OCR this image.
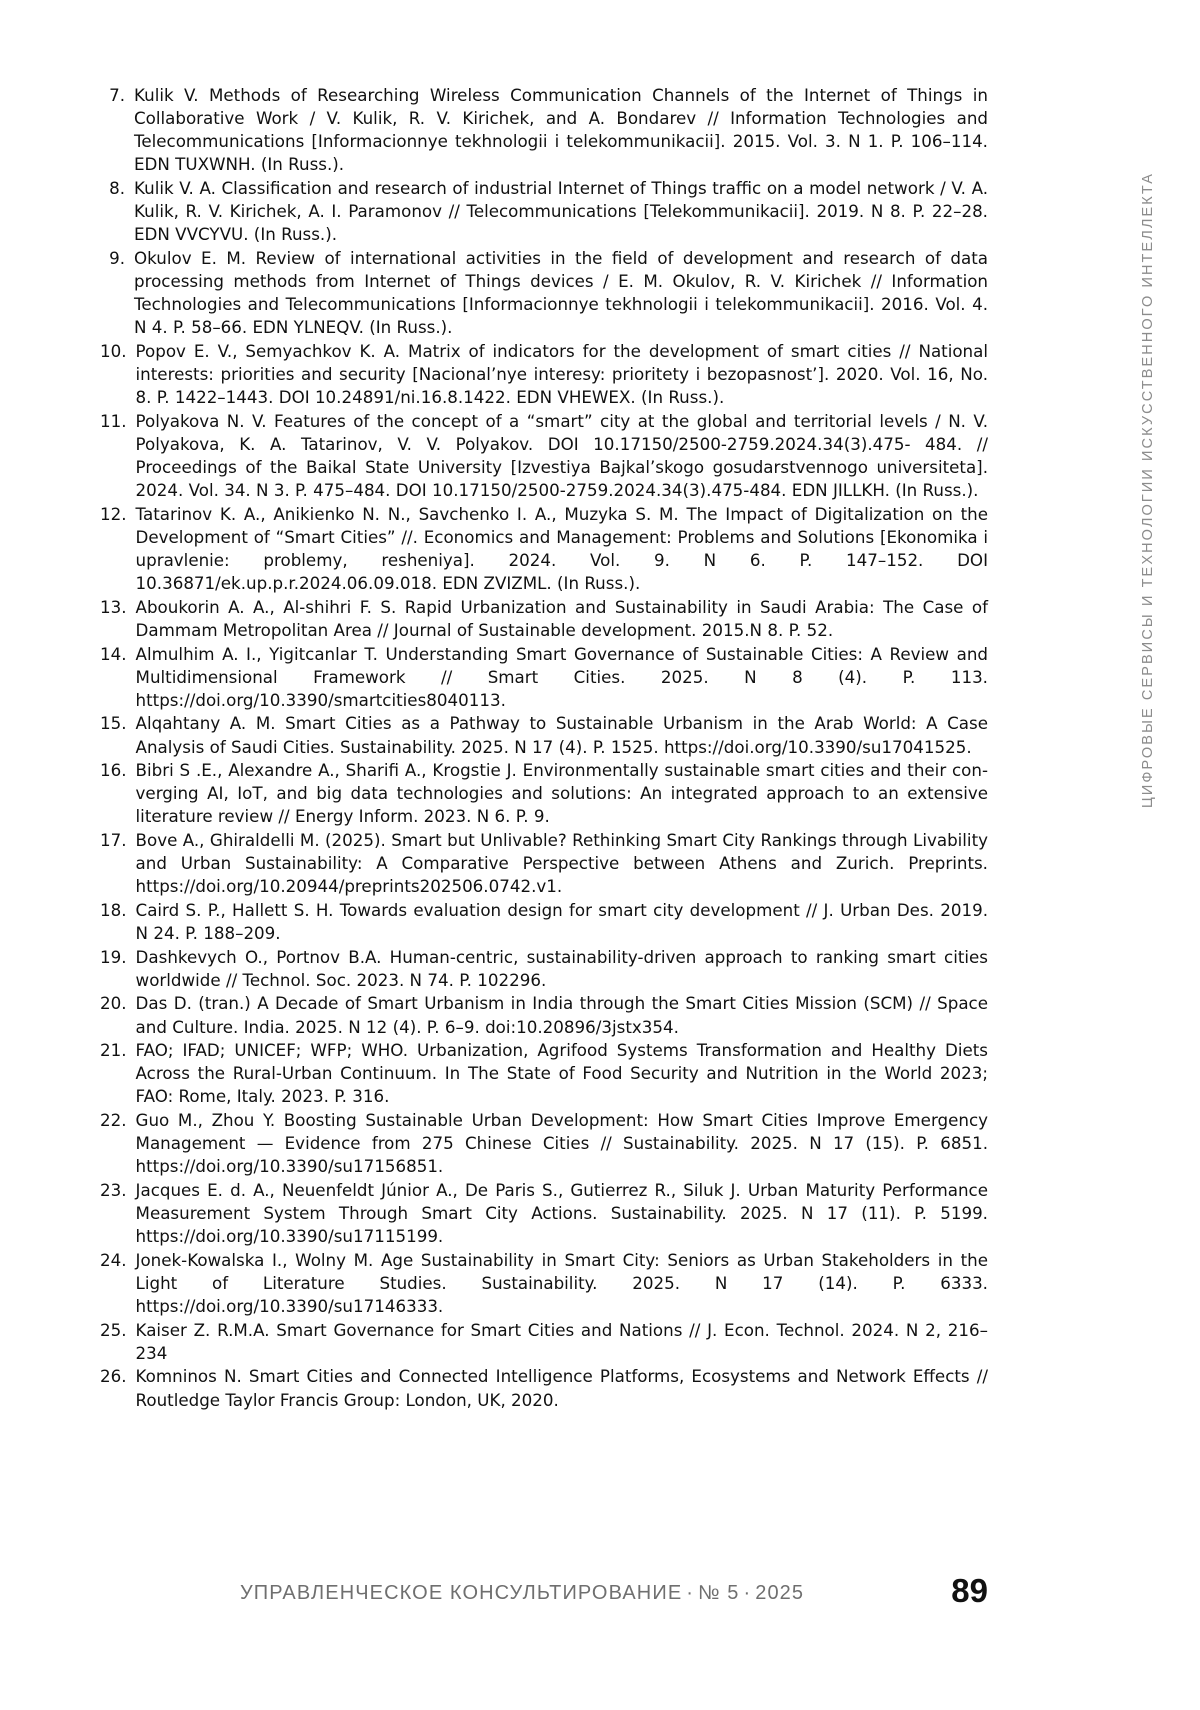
ЦИФРОВЫЕ СЕРВИСЫ И ТЕХНОЛОГИИ ИСКУССТВЕННОГО ИНТЕЛЛЕКТА
7. Kulik V. Methods of Researching Wireless Communication Channels of the Internet of Things in Collaborative Work / V. Kulik, R. V. Kirichek, and A. Bondarev // Information Technologies and Telecommunications [Informacionnye tekhnologii i telekommunikacii]. 2015. Vol. 3. N 1. P. 106–114. EDN TUXWNH. (In Russ.).
8. Kulik V. A. Classification and research of industrial Internet of Things traffic on a model network / V. A. Kulik, R. V. Kirichek, A. I. Paramonov // Telecommunications [Telekommunikacii]. 2019. N 8. P. 22–28. EDN VVCYVU. (In Russ.).
9. Okulov E. M. Review of international activities in the field of development and research of data processing methods from Internet of Things devices / E. M. Okulov, R. V. Kirichek // Information Technologies and Telecommunications [Informacionnye tekhnologii i telekommunikacii]. 2016. Vol. 4. N 4. P. 58–66. EDN YLNEQV. (In Russ.).
10. Popov E. V., Semyachkov K. A. Matrix of indicators for the development of smart cities // National interests: priorities and security [Nacional’nye interesy: prioritety i bezopasnost’]. 2020. Vol. 16, No. 8. P. 1422–1443. DOI 10.24891/ni.16.8.1422. EDN VHEWEX. (In Russ.).
11. Polyakova N. V. Features of the concept of a “smart” city at the global and territorial levels / N. V. Polyakova, K. A. Tatarinov, V. V. Polyakov. DOI 10.17150/2500-2759.2024.34(3).475- 484. // Proceedings of the Baikal State University [Izvestiya Bajkal’skogo gosudarstvennogo universiteta]. 2024. Vol. 34. N 3. P. 475–484. DOI 10.17150/2500-2759.2024.34(3).475-484. EDN JILLKH. (In Russ.).
12. Tatarinov K. A., Anikienko N. N., Savchenko I. A., Muzyka S. M. The Impact of Digitalization on the Development of “Smart Cities” //. Economics and Management: Problems and Solutions [Ekonomika i upravlenie: problemy, resheniya]. 2024. Vol. 9. N 6. P. 147–152. DOI 10.36871/ek.up.p.r.2024.06.09.018. EDN ZVIZML. (In Russ.).
13. Aboukorin A. A., Al-shihri F. S. Rapid Urbanization and Sustainability in Saudi Arabia: The Case of Dammam Metropolitan Area // Journal of Sustainable development. 2015.N 8. P. 52.
14. Almulhim A. I., Yigitcanlar T. Understanding Smart Governance of Sustainable Cities: A Review and Multidimensional Framework // Smart Cities. 2025. N 8 (4). P. 113. https://doi.org/10.3390/smartcities8040113.
15. Alqahtany A. M. Smart Cities as a Pathway to Sustainable Urbanism in the Arab World: A Case Analysis of Saudi Cities. Sustainability. 2025. N 17 (4). P. 1525. https://doi.org/10.3390/su17041525.
16. Bibri S .E., Alexandre A., Sharifi A., Krogstie J. Environmentally sustainable smart cities and their con-verging AI, IoT, and big data technologies and solutions: An integrated approach to an extensive literature review // Energy Inform. 2023. N 6. P. 9.
17. Bove A., Ghiraldelli M. (2025). Smart but Unlivable? Rethinking Smart City Rankings through Livability and Urban Sustainability: A Comparative Perspective between Athens and Zurich. Preprints. https://doi.org/10.20944/preprints202506.0742.v1.
18. Caird S. P., Hallett S. H. Towards evaluation design for smart city development // J. Urban Des. 2019. N 24. P. 188–209.
19. Dashkevych O., Portnov B.A. Human-centric, sustainability-driven approach to ranking smart cities worldwide // Technol. Soc. 2023. N 74. P. 102296.
20. Das D. (tran.) A Decade of Smart Urbanism in India through the Smart Cities Mission (SCM) // Space and Culture. India. 2025. N 12 (4). P. 6–9. doi:10.20896/3jstx354.
21. FAO; IFAD; UNICEF; WFP; WHO. Urbanization, Agrifood Systems Transformation and Healthy Diets Across the Rural-Urban Continuum. In The State of Food Security and Nutrition in the World 2023; FAO: Rome, Italy. 2023. P. 316.
22. Guo M., Zhou Y. Boosting Sustainable Urban Development: How Smart Cities Improve Emergency Management — Evidence from 275 Chinese Cities // Sustainability. 2025. N 17 (15). P. 6851. https://doi.org/10.3390/su17156851.
23. Jacques E. d. A., Neuenfeldt Júnior A., De Paris S., Gutierrez R., Siluk J. Urban Maturity Performance Measurement System Through Smart City Actions. Sustainability. 2025. N 17 (11). P. 5199. https://doi.org/10.3390/su17115199.
24. Jonek-Kowalska I., Wolny M. Age Sustainability in Smart City: Seniors as Urban Stakeholders in the Light of Literature Studies. Sustainability. 2025. N 17 (14). P. 6333. https://doi.org/10.3390/su17146333.
25. Kaiser Z. R.M.A. Smart Governance for Smart Cities and Nations // J. Econ. Technol. 2024. N 2, 216–234
26. Komninos N. Smart Cities and Connected Intelligence Platforms, Ecosystems and Network Effects // Routledge Taylor Francis Group: London, UK, 2020.
УПРАВЛЕНЧЕСКОЕ КОНСУЛЬТИРОВАНИЕ · № 5 · 2025	89
